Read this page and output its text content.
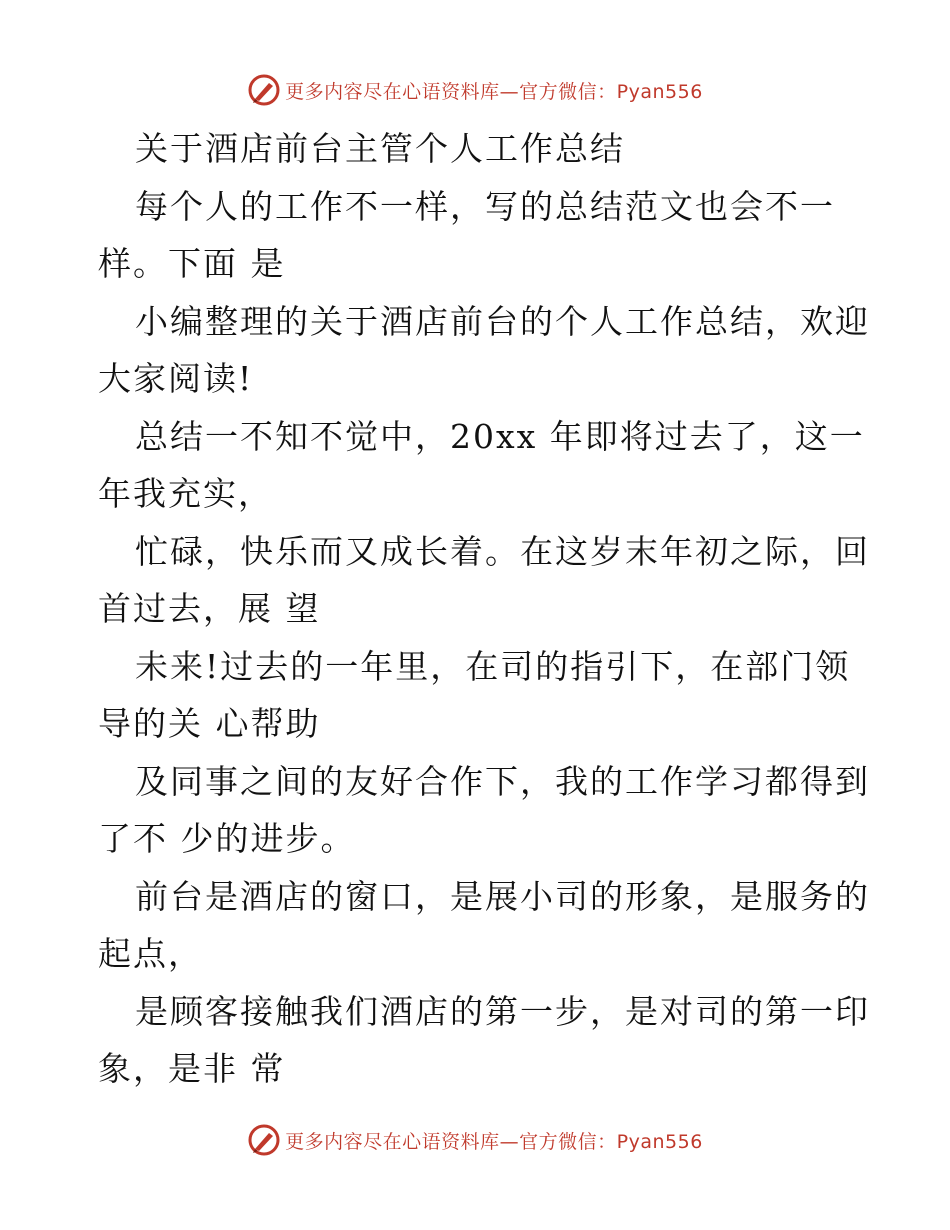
更多内容尽在心语资料库—官方微信：Pyan556
关于酒店前台主管个人工作总结
每个人的工作不一样，写的总结范文也会不一
样。下面 是
小编整理的关于酒店前台的个人工作总结，欢迎
大家阅读!
总结一不知不觉中，20xx 年即将过去了，这一
年我充实，
忙碌，快乐而又成长着。在这岁末年初之际，回
首过去，展 望
未来!过去的一年里，在司的指引下，在部门领
导的关 心帮助
及同事之间的友好合作下，我的工作学习都得到
了不 少的进步。
前台是酒店的窗口，是展小司的形象，是服务的
起点，
是顾客接触我们酒店的第一步，是对司的第一印
象，是非 常
更多内容尽在心语资料库—官方微信：Pyan556
